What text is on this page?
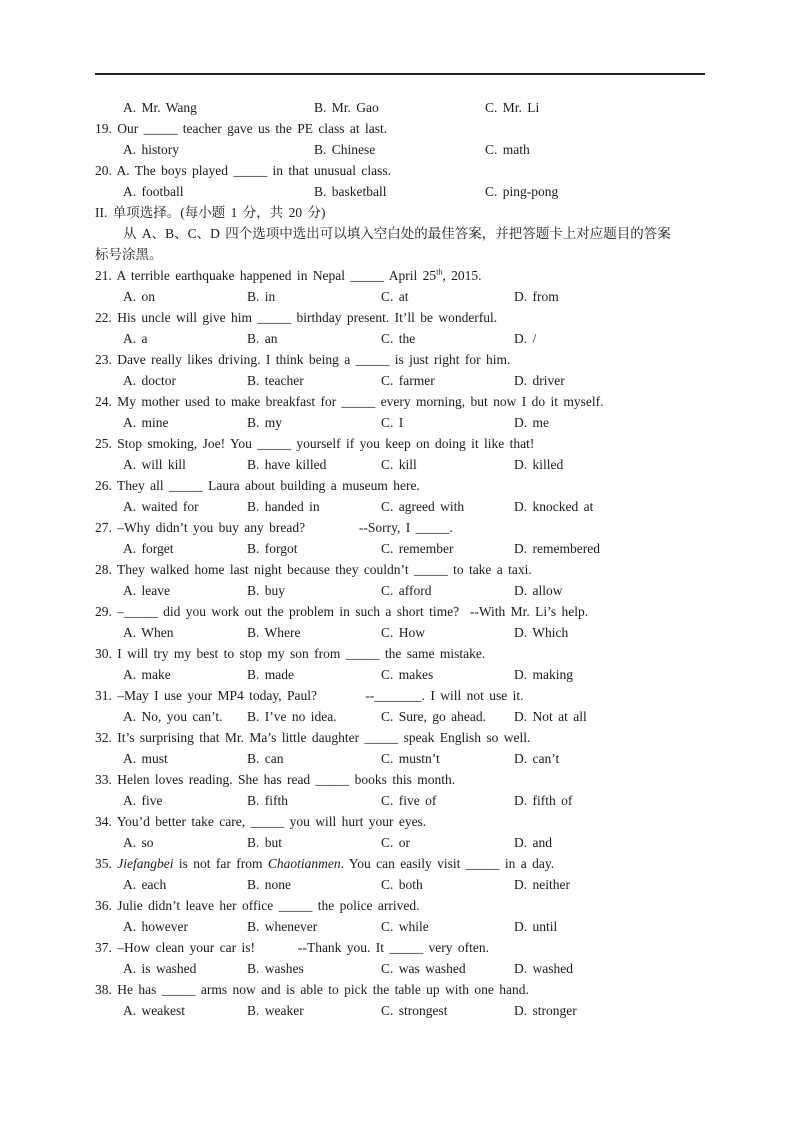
A. Mr. Wang	B. Mr. Gao	C. Mr. Li
19. Our _____ teacher gave us the PE class at last.
A. history	B. Chinese	C. math
20. A. The boys played _____ in that unusual class.
A. football	B. basketball	C. ping-pong
II. 单项选择。(每小题 1 分，共 20 分)
从 A、B、C、D 四个选项中选出可以填入空白处的最佳答案，并把答题卡上对应题目的答案
标号涂黑。
21. A terrible earthquake happened in Nepal _____ April 25th, 2015.
A. on	B. in	C. at	D. from
22. His uncle will give him _____ birthday present. It’ll be wonderful.
A. a	B. an	C. the	D. /
23. Dave really likes driving. I think being a _____ is just right for him.
A. doctor	B. teacher	C. farmer	D. driver
24. My mother used to make breakfast for _____ every morning, but now I do it myself.
A. mine	B. my	C. I	D. me
25. Stop smoking, Joe! You _____ yourself if you keep on doing it like that!
A. will kill	B. have killed	C. kill	D. killed
26. They all _____ Laura about building a museum here.
A. waited for	B. handed in	C. agreed with	D. knocked at
27. –Why didn’t you buy any bread?          --Sorry, I _____.
A. forget	B. forgot	C. remember	D. remembered
28. They walked home last night because they couldn’t _____ to take a taxi.
A. leave	B. buy	C. afford	D. allow
29. –_____ did you work out the problem in such a short time?  --With Mr. Li’s help.
A. When	B. Where	C. How	D. Which
30. I will try my best to stop my son from _____ the same mistake.
A. make	B. made	C. makes	D. making
31. –May I use your MP4 today, Paul?         --_______. I will not use it.
A. No, you can’t. B. I’ve no idea.	C. Sure, go ahead. D. Not at all
32. It’s surprising that Mr. Ma’s little daughter _____ speak English so well.
A. must	B. can	C. mustn’t	D. can’t
33. Helen loves reading. She has read _____ books this month.
A. five	B. fifth	C. five of	D. fifth of
34. You’d better take care, _____ you will hurt your eyes.
A. so	B. but	C. or	D. and
35. Jiefangbei is not far from Chaotianmen. You can easily visit _____ in a day.
A. each	B. none	C. both	D. neither
36. Julie didn’t leave her office _____ the police arrived.
A. however	B. whenever	C. while	D. until
37. –How clean your car is!        --Thank you. It _____ very often.
A. is washed	B. washes	C. was washed	D. washed
38. He has _____ arms now and is able to pick the table up with one hand.
A. weakest	B. weaker	C. strongest	D. stronger
